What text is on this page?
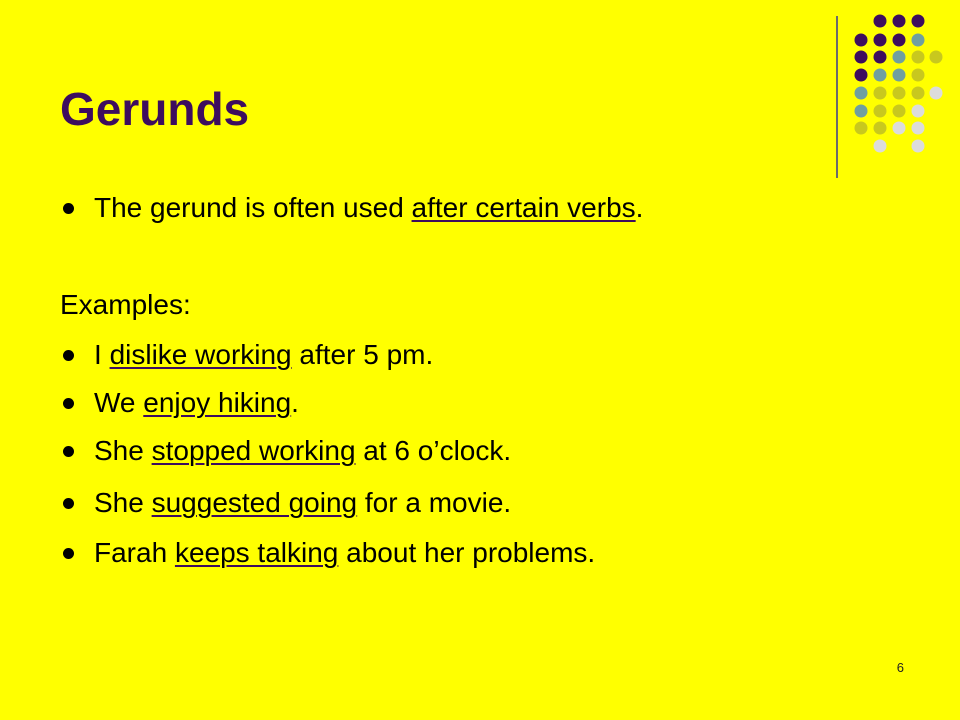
Gerunds
The gerund is often used after certain verbs.
Examples:
I dislike working after 5 pm.
We enjoy hiking.
She stopped working at 6 o’clock.
She suggested going for a movie.
Farah keeps talking about her problems.
6
